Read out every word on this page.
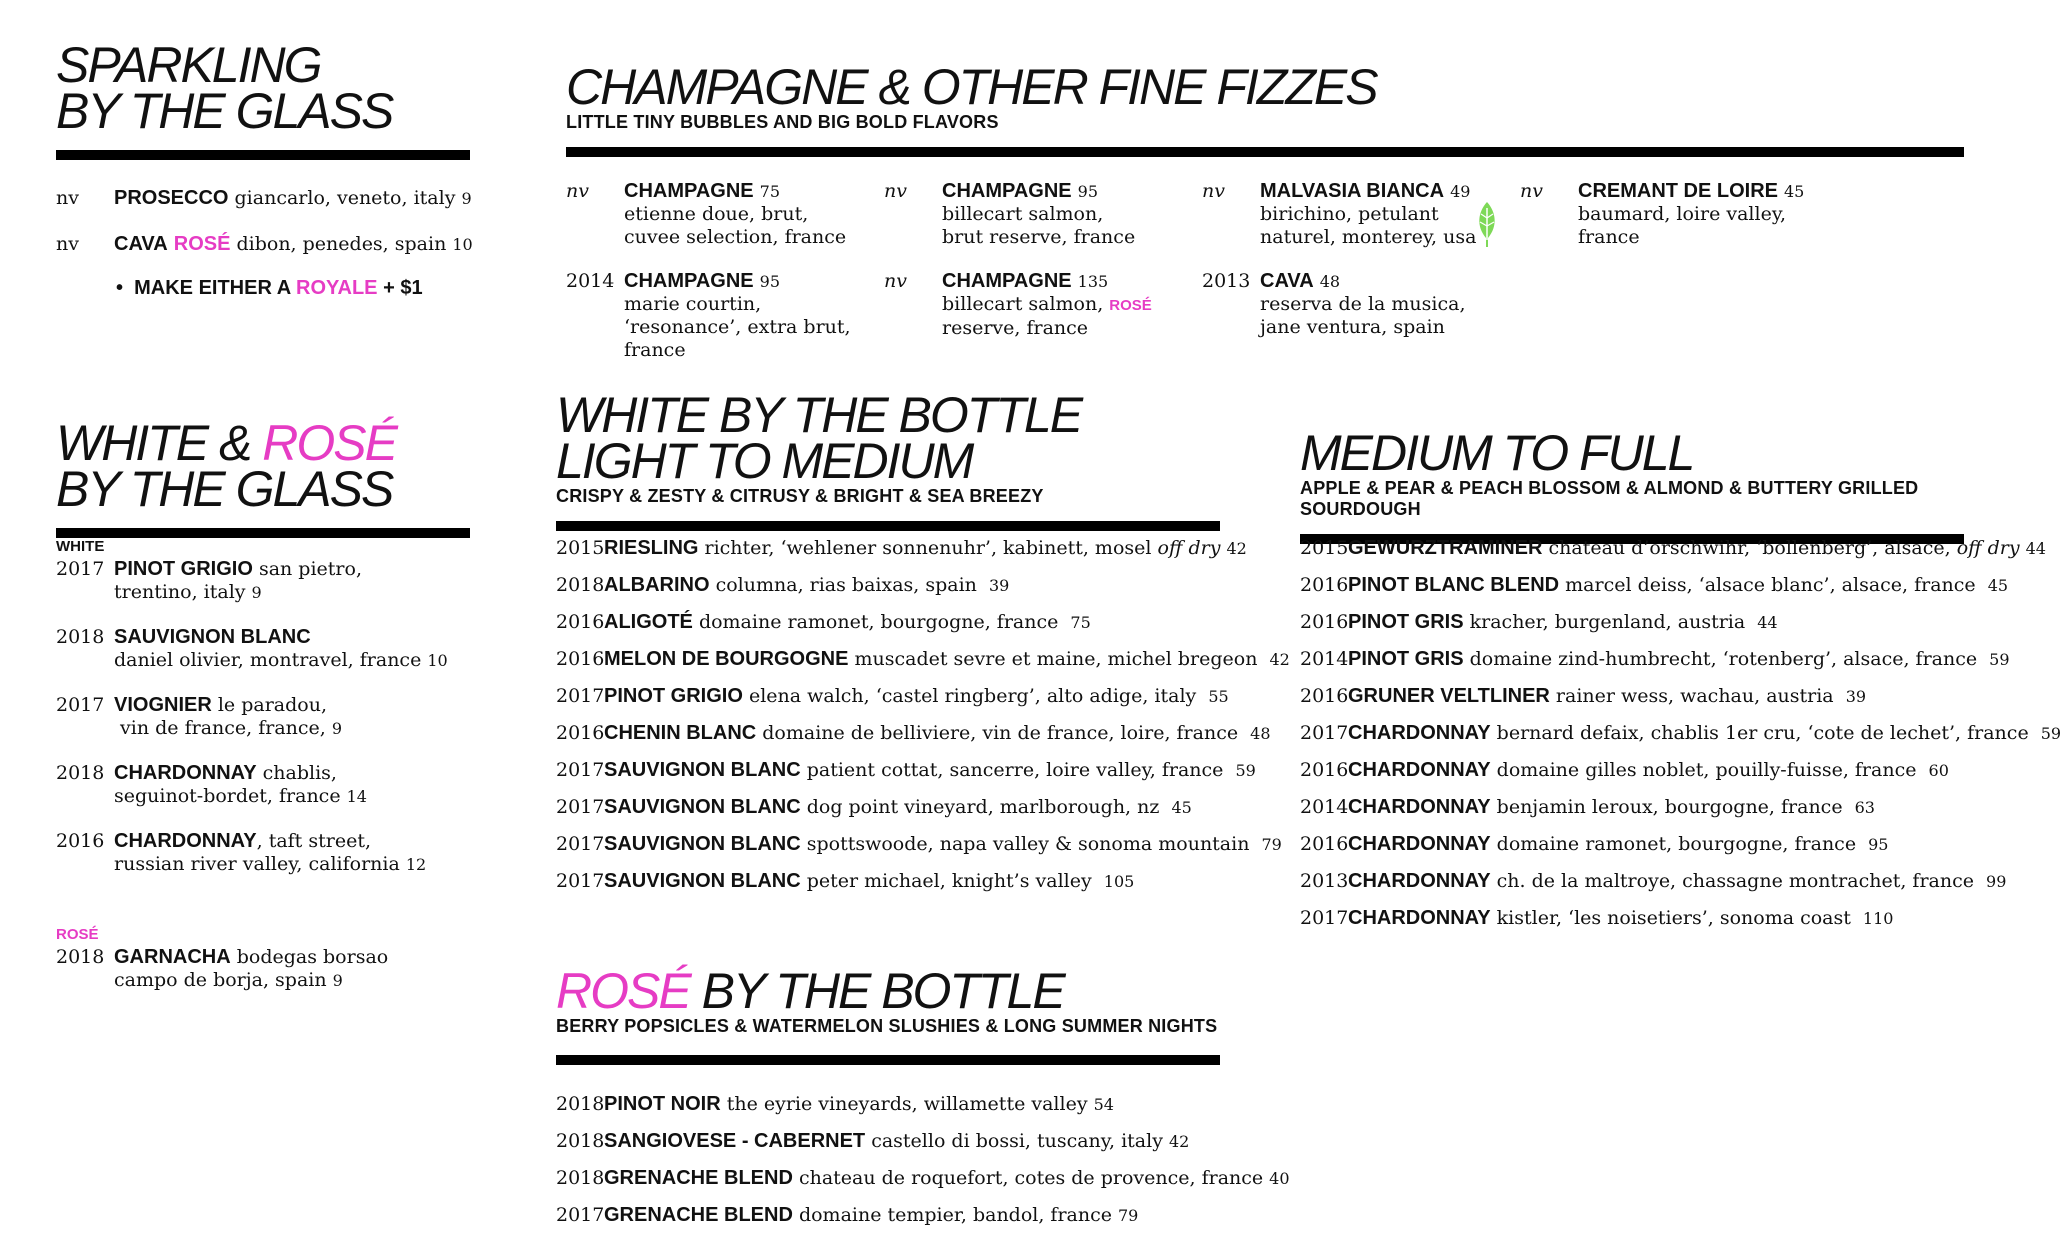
SPARKLING
BY THE GLASS
nv PROSECCO giancarlo, veneto, italy 9
nv CAVA ROSÉ dibon, penedes, spain 10
•  MAKE EITHER A ROYALE + $1
CHAMPAGNE & OTHER FINE FIZZES
LITTLE TINY BUBBLES AND BIG BOLD FLAVORS
nv CHAMPAGNE 75
etienne doue, brut,
cuvee selection, france
nv CHAMPAGNE 95
billecart salmon,
brut reserve, france
nv MALVASIA BIANCA 49
birichino, petulant
naturel, monterey, usa
nv CREMANT DE LOIRE 45
baumard, loire valley,
france
2014 CHAMPAGNE 95
marie courtin,
‘resonance’, extra brut,
france
nv CHAMPAGNE 135
billecart salmon, ROSÉ
reserve, france
2013 CAVA 48
reserva de la musica,
jane ventura, spain
WHITE & ROSÉ
BY THE GLASS
WHITE
2017 PINOT GRIGIO san pietro,
trentino, italy 9
2018 SAUVIGNON BLANC
daniel olivier, montravel, france 10
2017 VIOGNIER le paradou,
vin de france, france, 9
2018 CHARDONNAY chablis,
seguinot-bordet, france 14
2016 CHARDONNAY, taft street,
russian river valley, california 12
ROSÉ
2018 GARNACHA bodegas borsao
campo de borja, spain 9
WHITE BY THE BOTTLE
LIGHT TO MEDIUM
CRISPY & ZESTY & CITRUSY & BRIGHT & SEA BREEZY
2015 RIESLING richter, ‘wehlener sonnenuhr’, kabinett, mosel off dry 42
2018 ALBARINO columna, rias baixas, spain 39
2016 ALIGOTÉ domaine ramonet, bourgogne, france 75
2016 MELON DE BOURGOGNE muscadet sevre et maine, michel bregeon 42
2017 PINOT GRIGIO elena walch, ‘castel ringberg’, alto adige, italy 55
2016 CHENIN BLANC domaine de belliviere, vin de france, loire, france 48
2017 SAUVIGNON BLANC patient cottat, sancerre, loire valley, france 59
2017 SAUVIGNON BLANC dog point vineyard, marlborough, nz 45
2017 SAUVIGNON BLANC spottswoode, napa valley & sonoma mountain 79
2017 SAUVIGNON BLANC peter michael, knight’s valley 105
MEDIUM TO FULL
APPLE & PEAR & PEACH BLOSSOM & ALMOND & BUTTERY GRILLED SOURDOUGH
2015 GEWURZTRAMINER chateau d’orschwihr, ‘bollenberg’, alsace, off dry 44
2016 PINOT BLANC BLEND marcel deiss, ‘alsace blanc’, alsace, france 45
2016 PINOT GRIS kracher, burgenland, austria 44
2014 PINOT GRIS domaine zind-humbrecht, ‘rotenberg’, alsace, france 59
2016 GRUNER VELTLINER rainer wess, wachau, austria 39
2017 CHARDONNAY bernard defaix, chablis 1er cru, ‘cote de lechet’, france 59
2016 CHARDONNAY domaine gilles noblet, pouilly-fuisse, france 60
2014 CHARDONNAY benjamin leroux, bourgogne, france 63
2016 CHARDONNAY domaine ramonet, bourgogne, france 95
2013 CHARDONNAY ch. de la maltroye, chassagne montrachet, france 99
2017 CHARDONNAY kistler, ‘les noisetiers’, sonoma coast 110
ROSÉ BY THE BOTTLE
BERRY POPSICLES & WATERMELON SLUSHIES & LONG SUMMER NIGHTS
2018 PINOT NOIR the eyrie vineyards, willamette valley 54
2018 SANGIOVESE - CABERNET castello di bossi, tuscany, italy 42
2018 GRENACHE BLEND chateau de roquefort, cotes de provence, france 40
2017 GRENACHE BLEND domaine tempier, bandol, france 79
